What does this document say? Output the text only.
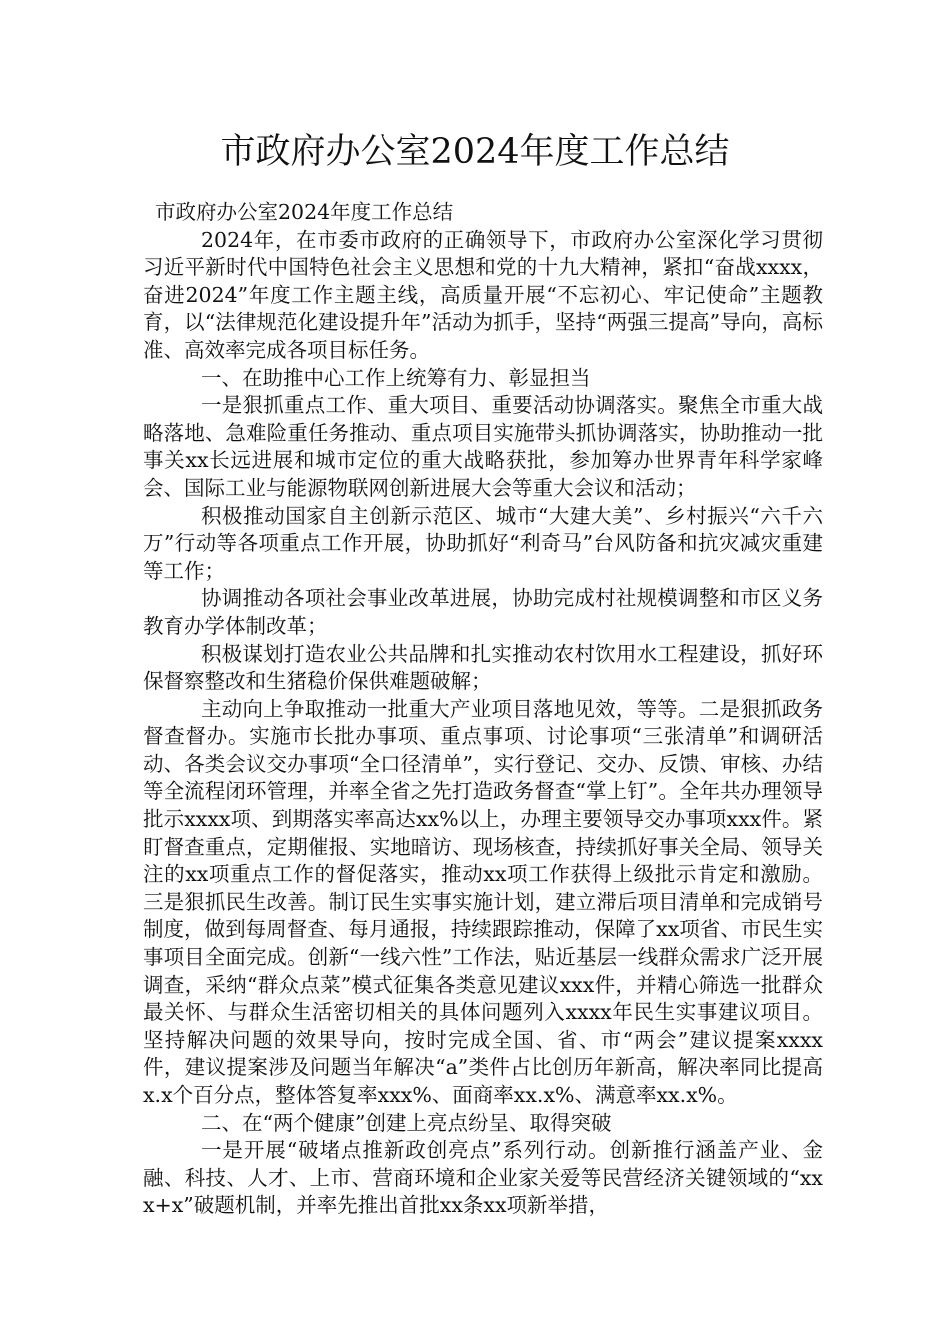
市政府办公室2024年度工作总结

市政府办公室2024年度工作总结

2024年，在市委市政府的正确领导下，市政府办公室深化学习贯彻习近平新时代中国特色社会主义思想和党的十九大精神，紧扣“奋战xxxx，奋进2024”年度工作主题主线，高质量开展“不忘初心、牢记使命”主题教育，以“法律规范化建设提升年”活动为抓手，坚持“两强三提高”导向，高标准、高效率完成各项目标任务。

一、在助推中心工作上统筹有力、彰显担当

一是狠抓重点工作、重大项目、重要活动协调落实。聚焦全市重大战略落地、急难险重任务推动、重点项目实施带头抓协调落实，协助推动一批事关xx长远进展和城市定位的重大战略获批，参加筹办世界青年科学家峰会、国际工业与能源物联网创新进展大会等重大会议和活动；

积极推动国家自主创新示范区、城市“大建大美”、乡村振兴“六千六万”行动等各项重点工作开展，协助抓好“利奇马”台风防备和抗灾减灾重建等工作；

协调推动各项社会事业改革进展，协助完成村社规模调整和市区义务教育办学体制改革；

积极谋划打造农业公共品牌和扎实推动农村饮用水工程建设，抓好环保督察整改和生猪稳价保供难题破解；

主动向上争取推动一批重大产业项目落地见效，等等。二是狠抓政务督查督办。实施市长批办事项、重点事项、讨论事项“三张清单”和调研活动、各类会议交办事项“全口径清单”，实行登记、交办、反馈、审核、办结等全流程闭环管理，并率全省之先打造政务督查“掌上钉”。全年共办理领导批示xxxx项、到期落实率高达xx%以上，办理主要领导交办事项xxx件。紧盯督查重点，定期催报、实地暗访、现场核查，持续抓好事关全局、领导关注的xx项重点工作的督促落实，推动xx项工作获得上级批示肯定和激励。三是狠抓民生改善。制订民生实事实施计划，建立滞后项目清单和完成销号制度，做到每周督查、每月通报，持续跟踪推动，保障了xx项省、市民生实事项目全面完成。创新“一线六性”工作法，贴近基层一线群众需求广泛开展调查，采纳“群众点菜”模式征集各类意见建议xxx件，并精心筛选一批群众最关怀、与群众生活密切相关的具体问题列入xxxx年民生实事建议项目。坚持解决问题的效果导向，按时完成全国、省、市“两会”建议提案xxxx件，建议提案涉及问题当年解决“a”类件占比创历年新高，解决率同比提高x.x个百分点，整体答复率xxx%、面商率xx.x%、满意率xx.x%。

二、在“两个健康”创建上亮点纷呈、取得突破

一是开展“破堵点推新政创亮点”系列行动。创新推行涵盖产业、金融、科技、人才、上市、营商环境和企业家关爱等民营经济关键领域的“xxx+x”破题机制，并率先推出首批xx条xx项新举措，
